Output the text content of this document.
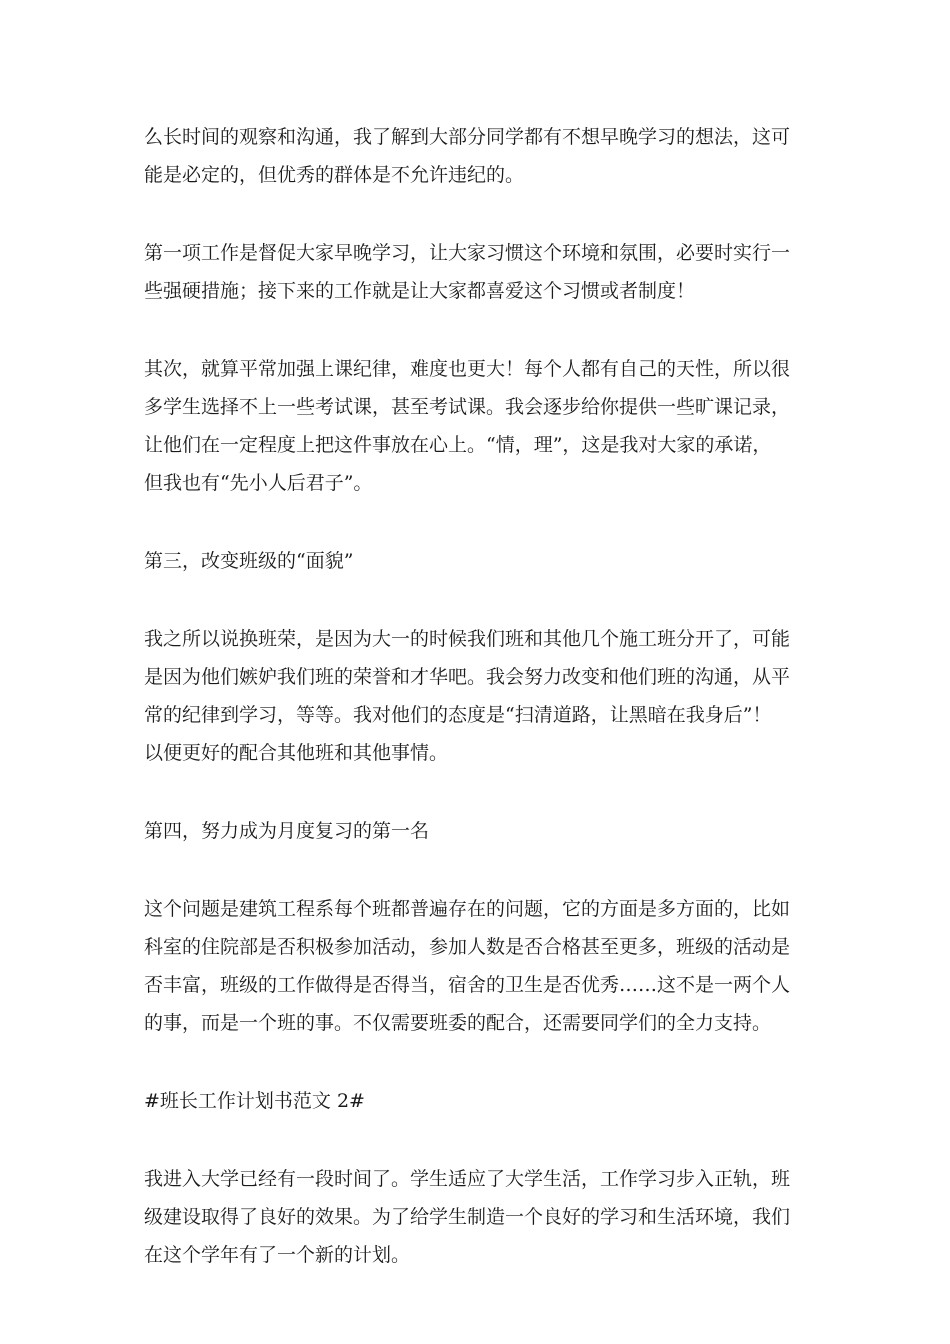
么长时间的观察和沟通，我了解到大部分同学都有不想早晚学习的想法，这可
能是必定的，但优秀的群体是不允许违纪的。
第一项工作是督促大家早晚学习，让大家习惯这个环境和氛围，必要时实行一
些强硬措施；接下来的工作就是让大家都喜爱这个习惯或者制度！
其次，就算平常加强上课纪律，难度也更大！每个人都有自己的天性，所以很
多学生选择不上一些考试课，甚至考试课。我会逐步给你提供一些旷课记录，
让他们在一定程度上把这件事放在心上。“情，理”，这是我对大家的承诺，
但我也有“先小人后君子”。
第三，改变班级的“面貌”
我之所以说换班荣，是因为大一的时候我们班和其他几个施工班分开了，可能
是因为他们嫉妒我们班的荣誉和才华吧。我会努力改变和他们班的沟通，从平
常的纪律到学习，等等。我对他们的态度是“扫清道路，让黑暗在我身后”！
以便更好的配合其他班和其他事情。
第四，努力成为月度复习的第一名
这个问题是建筑工程系每个班都普遍存在的问题，它的方面是多方面的，比如
科室的住院部是否积极参加活动，参加人数是否合格甚至更多，班级的活动是
否丰富，班级的工作做得是否得当，宿舍的卫生是否优秀……这不是一两个人
的事，而是一个班的事。不仅需要班委的配合，还需要同学们的全力支持。
#班长工作计划书范文 2#
我进入大学已经有一段时间了。学生适应了大学生活，工作学习步入正轨，班
级建设取得了良好的效果。为了给学生制造一个良好的学习和生活环境，我们
在这个学年有了一个新的计划。
